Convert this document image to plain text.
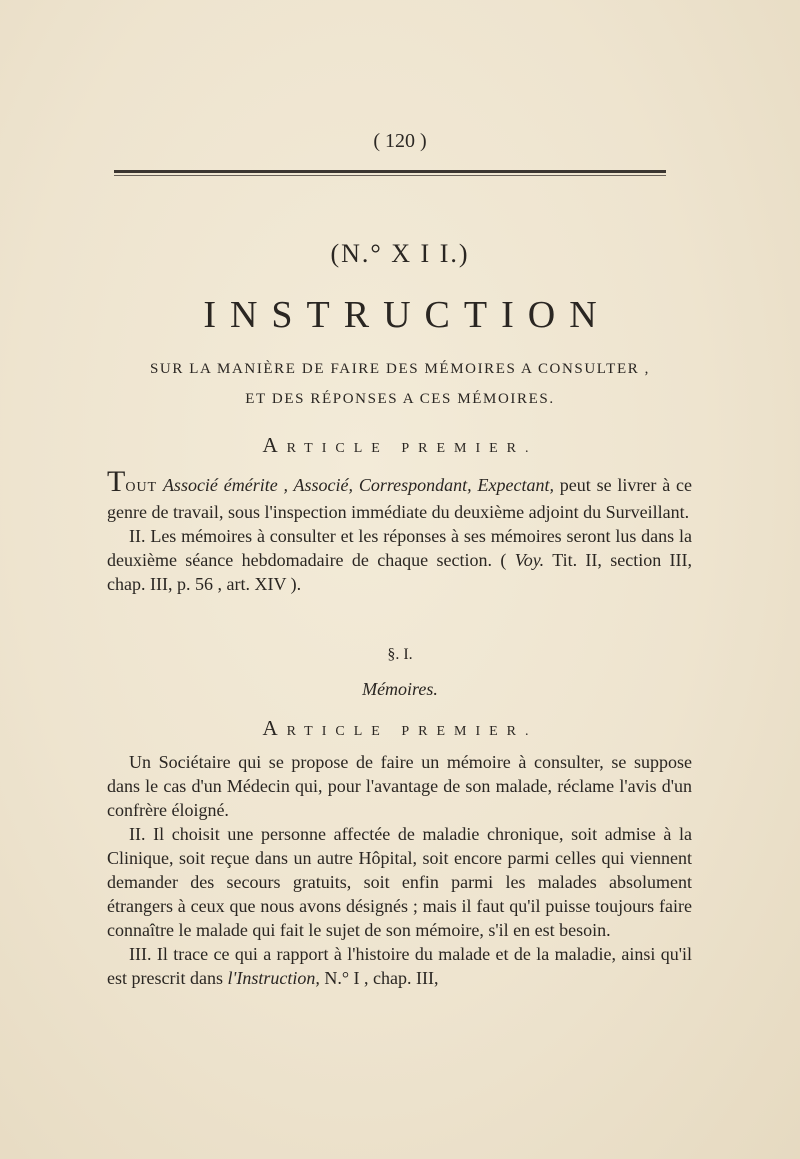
( 120 )
(N.° X I I.)
INSTRUCTION
SUR LA MANIÈRE DE FAIRE DES MÉMOIRES A CONSULTER ,
ET DES RÉPONSES A CES MÉMOIRES.
ARTICLE PREMIER.

TOUT Associé émérite , Associé, Correspondant, Expectant, peut se livrer à ce genre de travail, sous l'inspection immédiate du deuxième adjoint du Surveillant.

II. Les mémoires à consulter et les réponses à ses mémoires seront lus dans la deuxième séance hebdomadaire de chaque section. ( Voy. Tit. II, section III, chap. III, p. 56 , art. XIV ).

§. I.
Mémoires.
ARTICLE PREMIER.

Un Sociétaire qui se propose de faire un mémoire à consulter, se suppose dans le cas d'un Médecin qui, pour l'avantage de son malade, réclame l'avis d'un confrère éloigné.

II. Il choisit une personne affectée de maladie chronique, soit admise à la Clinique, soit reçue dans un autre Hôpital, soit encore parmi celles qui viennent demander des secours gratuits, soit enfin parmi les malades absolument étrangers à ceux que nous avons désignés ; mais il faut qu'il puisse toujours faire connaître le malade qui fait le sujet de son mémoire, s'il en est besoin.

III. Il trace ce qui a rapport à l'histoire du malade et de la maladie, ainsi qu'il est prescrit dans l'Instruction, N.° I , chap. III,
